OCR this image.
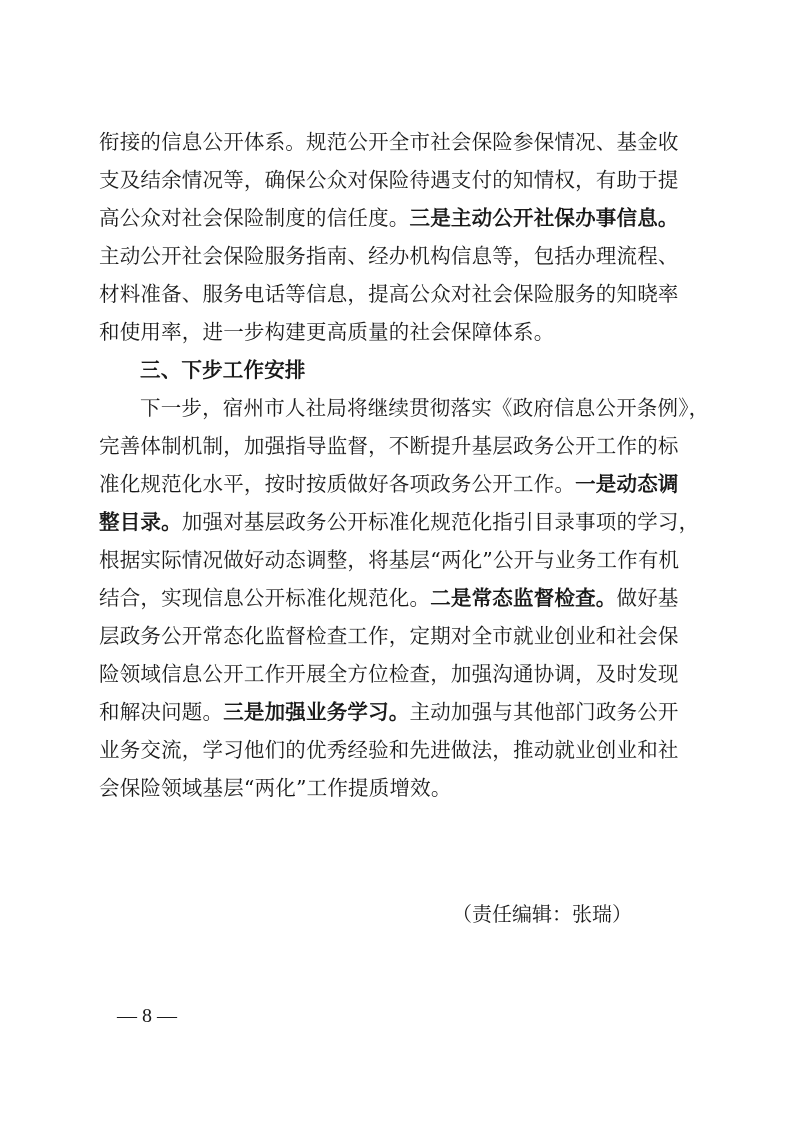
衔接的信息公开体系。规范公开全市社会保险参保情况、基金收
支及结余情况等，确保公众对保险待遇支付的知情权，有助于提
高公众对社会保险制度的信任度。三是主动公开社保办事信息。
主动公开社会保险服务指南、经办机构信息等，包括办理流程、
材料准备、服务电话等信息，提高公众对社会保险服务的知晓率
和使用率，进一步构建更高质量的社会保障体系。
三、下步工作安排
下一步，宿州市人社局将继续贯彻落实《政府信息公开条例》，
完善体制机制，加强指导监督，不断提升基层政务公开工作的标
准化规范化水平，按时按质做好各项政务公开工作。一是动态调
整目录。加强对基层政务公开标准化规范化指引目录事项的学习，
根据实际情况做好动态调整，将基层“两化”公开与业务工作有机
结合，实现信息公开标准化规范化。二是常态监督检查。做好基
层政务公开常态化监督检查工作，定期对全市就业创业和社会保
险领域信息公开工作开展全方位检查，加强沟通协调，及时发现
和解决问题。三是加强业务学习。主动加强与其他部门政务公开
业务交流，学习他们的优秀经验和先进做法，推动就业创业和社
会保险领域基层“两化”工作提质增效。
（责任编辑：张瑞）
— 8 —
